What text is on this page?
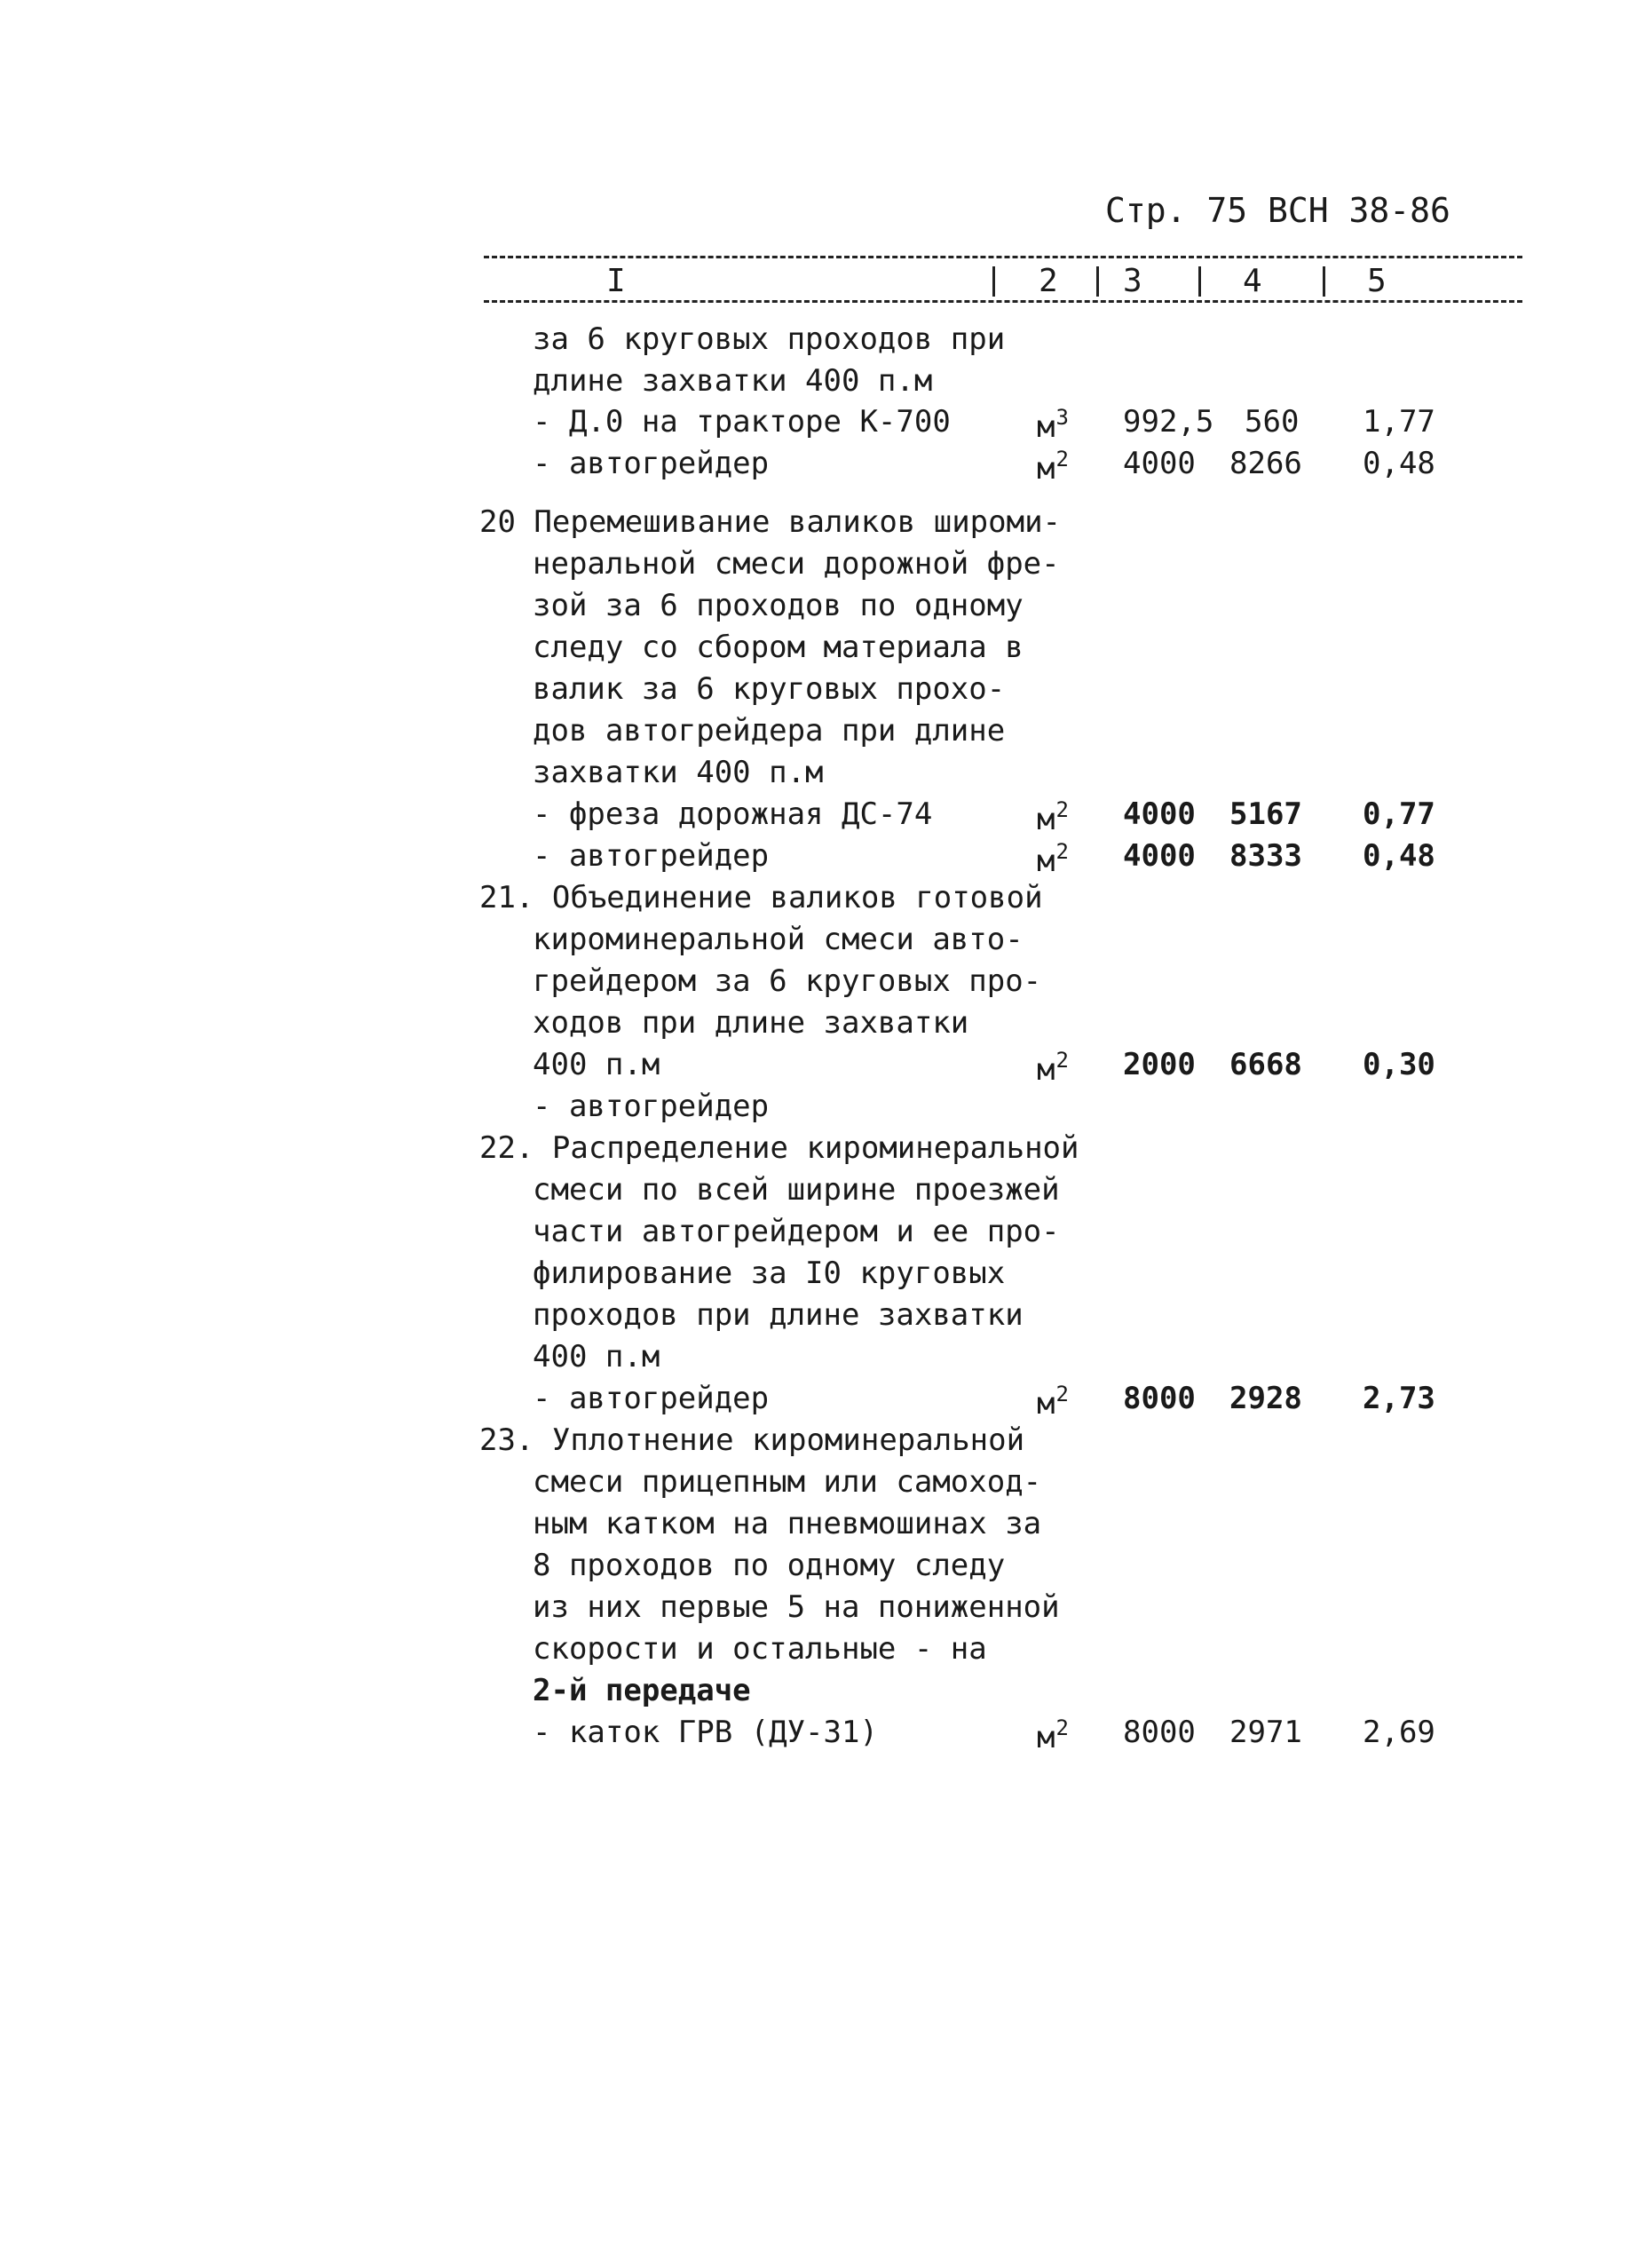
Стр. 75 ВСН 38-86
I	2 3	4	5
за 6 круговых проходов при
длине захватки 400 п.м
- Д.0 на тракторе К-700	$м^3$ 992,5 560 1,77
- автогрейдер	$м^2$ 4000 8266 0,48
20 Перемешивание валиков широми-
неральной смеси дорожной фре-
зой за 6 проходов по одному
следу со сбором материала в
валик за 6 круговых прохо-
дов автогрейдера при длине
захватки 400 п.м
- фреза дорожная ДС-74	$м^2$ 4000 5167 0,77
- автогрейдер	$м^2$ 4000 8333 0,48
21. Объединение валиков готовой
кироминеральной смеси авто-
грейдером за 6 круговых про-
ходов при длине захватки
400 п.м	$м^2$ 2000 6668 0,30
- автогрейдер
22. Распределение кироминеральной
смеси по всей ширине проезжей
части автогрейдером и ее про-
филирование за I0 круговых
проходов при длине захватки
400 п.м
- автогрейдер	$м^2$ 8000 2928 2,73
23. Уплотнение кироминеральной
смеси прицепным или самоход-
ным катком на пневмошинах за
8 проходов по одному следу
из них первые 5 на пониженной
скорости и остальные - на
2-й передаче
- каток ГРВ (ДУ-31)	$м^2$ 8000 2971 2,69
